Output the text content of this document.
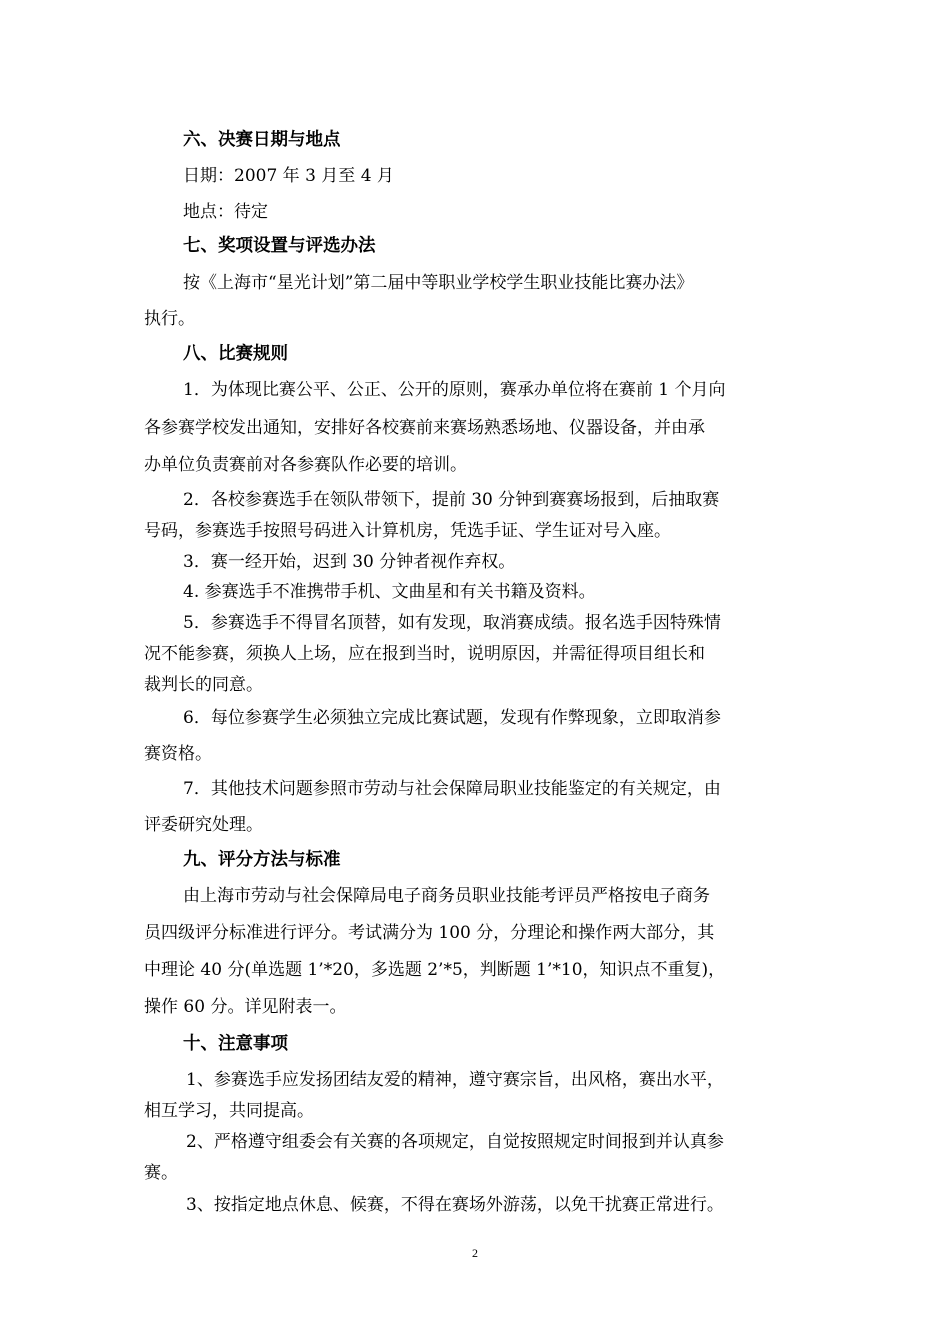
六、决赛日期与地点
日期：2007 年 3 月至 4 月
地点：待定
七、奖项设置与评选办法
按《上海市“星光计划”第二届中等职业学校学生职业技能比赛办法》
执行。
八、比赛规则
1．为体现比赛公平、公正、公开的原则，赛承办单位将在赛前 1 个月向
各参赛学校发出通知，安排好各校赛前来赛场熟悉场地、仪器设备，并由承
办单位负责赛前对各参赛队作必要的培训。
2．各校参赛选手在领队带领下，提前 30 分钟到赛赛场报到，后抽取赛
号码，参赛选手按照号码进入计算机房，凭选手证、学生证对号入座。
3．赛一经开始，迟到 30 分钟者视作弃权。
4. 参赛选手不准携带手机、文曲星和有关书籍及资料。
5．参赛选手不得冒名顶替，如有发现，取消赛成绩。报名选手因特殊情
况不能参赛，须换人上场，应在报到当时，说明原因，并需征得项目组长和
裁判长的同意。
6．每位参赛学生必须独立完成比赛试题，发现有作弊现象，立即取消参
赛资格。
7．其他技术问题参照市劳动与社会保障局职业技能鉴定的有关规定，由
评委研究处理。
九、评分方法与标准
由上海市劳动与社会保障局电子商务员职业技能考评员严格按电子商务
员四级评分标准进行评分。考试满分为 100 分，分理论和操作两大部分，其
中理论 40 分(单选题 1’*20，多选题 2’*5，判断题 1’*10，知识点不重复)，
操作 60 分。详见附表一。
十、注意事项
1、参赛选手应发扬团结友爱的精神，遵守赛宗旨，出风格，赛出水平，
相互学习，共同提高。
2、严格遵守组委会有关赛的各项规定，自觉按照规定时间报到并认真参
赛。
3、按指定地点休息、候赛，不得在赛场外游荡，以免干扰赛正常进行。
2
